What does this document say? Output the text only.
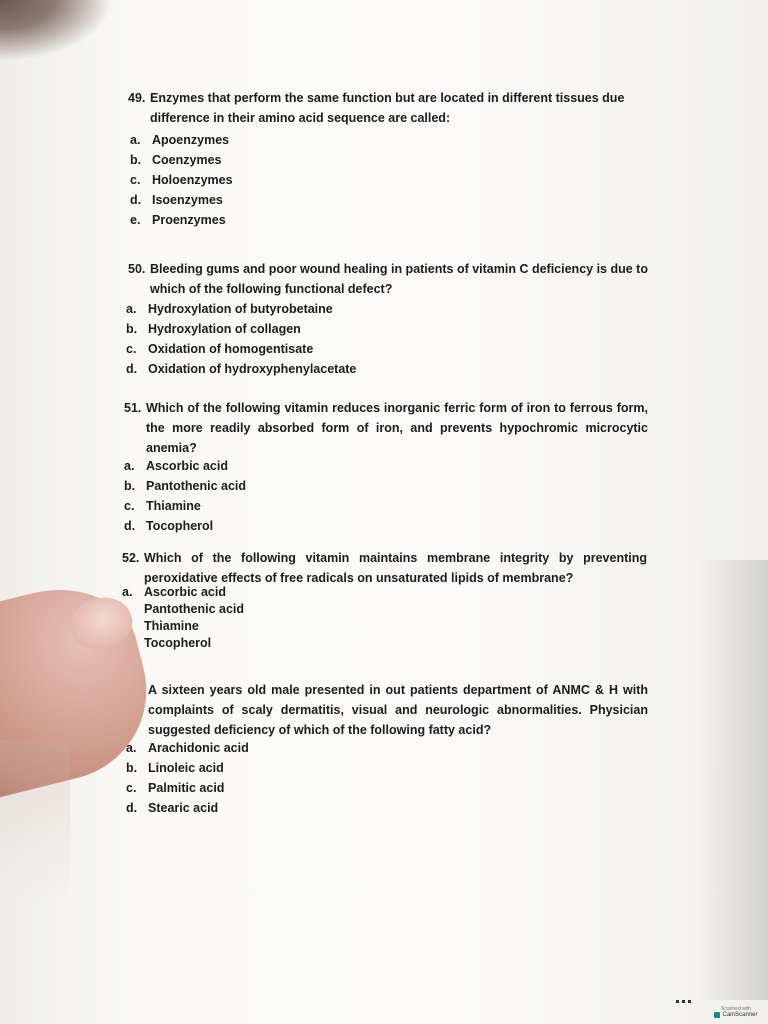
49. Enzymes that perform the same function but are located in different tissues due difference in their amino acid sequence are called:
a. Apoenzymes
b. Coenzymes
c. Holoenzymes
d. Isoenzymes
e. Proenzymes
50. Bleeding gums and poor wound healing in patients of vitamin C deficiency is due to which of the following functional defect?
a. Hydroxylation of butyrobetaine
b. Hydroxylation of collagen
c. Oxidation of homogentisate
d. Oxidation of hydroxyphenylacetate
51. Which of the following vitamin reduces inorganic ferric form of iron to ferrous form, the more readily absorbed form of iron, and prevents hypochromic microcytic anemia?
a. Ascorbic acid
b. Pantothenic acid
c. Thiamine
d. Tocopherol
52. Which of the following vitamin maintains membrane integrity by preventing peroxidative effects of free radicals on unsaturated lipids of membrane?
a. Ascorbic acid
Pantothenic acid
Thiamine
Tocopherol
A sixteen years old male presented in out patients department of ANMC & H with complaints of scaly dermatitis, visual and neurologic abnormalities. Physician suggested deficiency of which of the following fatty acid?
a. Arachidonic acid
b. Linoleic acid
c. Palmitic acid
d. Stearic acid
Scanned with
CamScanner
